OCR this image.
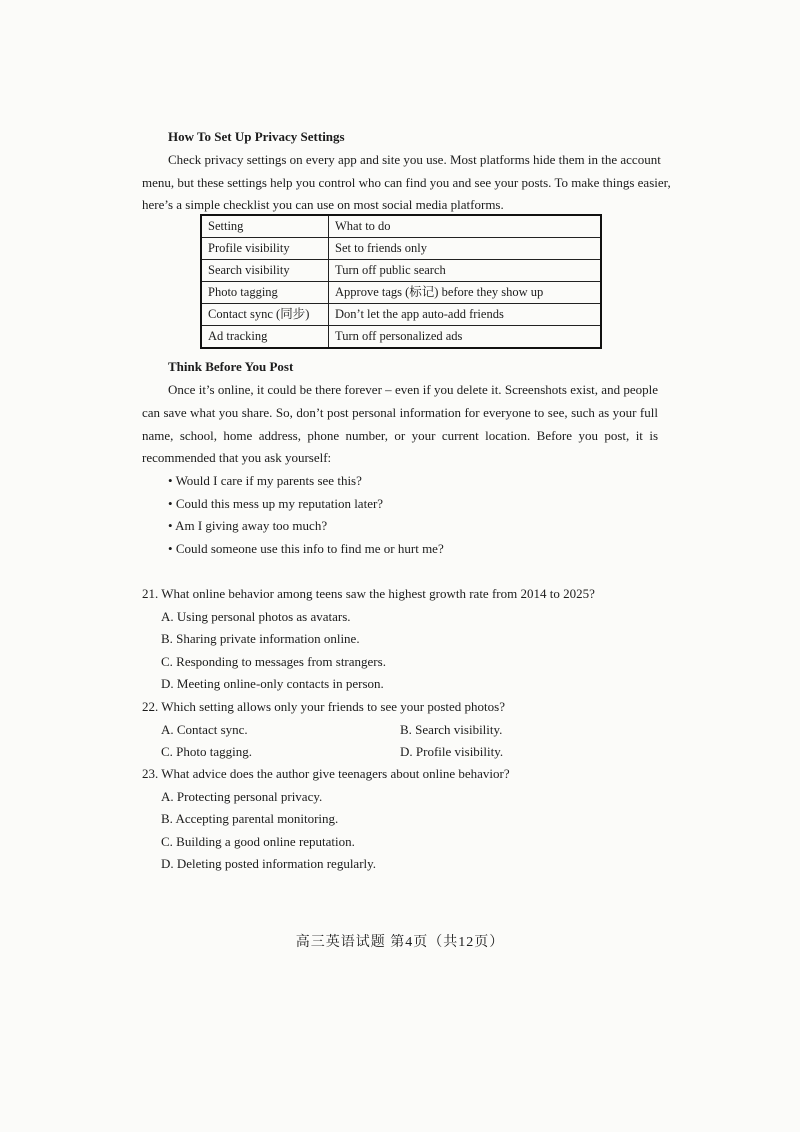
How To Set Up Privacy Settings
Check privacy settings on every app and site you use. Most platforms hide them in the account
menu, but these settings help you control who can find you and see your posts. To make things easier,
here’s a simple checklist you can use on most social media platforms.
Setting	What to do
Profile visibility	Set to friends only
Search visibility	Turn off public search
Photo tagging	Approve tags (标记) before they show up
Contact sync (同步)	Don’t let the app auto-add friends
Ad tracking	Turn off personalized ads
Think Before You Post
Once it’s online, it could be there forever – even if you delete it. Screenshots exist, and people
can save what you share. So, don’t post personal information for everyone to see, such as your full
name, school, home address, phone number, or your current location. Before you post, it is
recommended that you ask yourself:
• Would I care if my parents see this?
• Could this mess up my reputation later?
• Am I giving away too much?
• Could someone use this info to find me or hurt me?
21. What online behavior among teens saw the highest growth rate from 2014 to 2025?
A. Using personal photos as avatars.
B. Sharing private information online.
C. Responding to messages from strangers.
D. Meeting online-only contacts in person.
22. Which setting allows only your friends to see your posted photos?
A. Contact sync.	B. Search visibility.
C. Photo tagging.	D. Profile visibility.
23. What advice does the author give teenagers about online behavior?
A. Protecting personal privacy.
B. Accepting parental monitoring.
C. Building a good online reputation.
D. Deleting posted information regularly.
高三英语试题 第4页（共12页）
